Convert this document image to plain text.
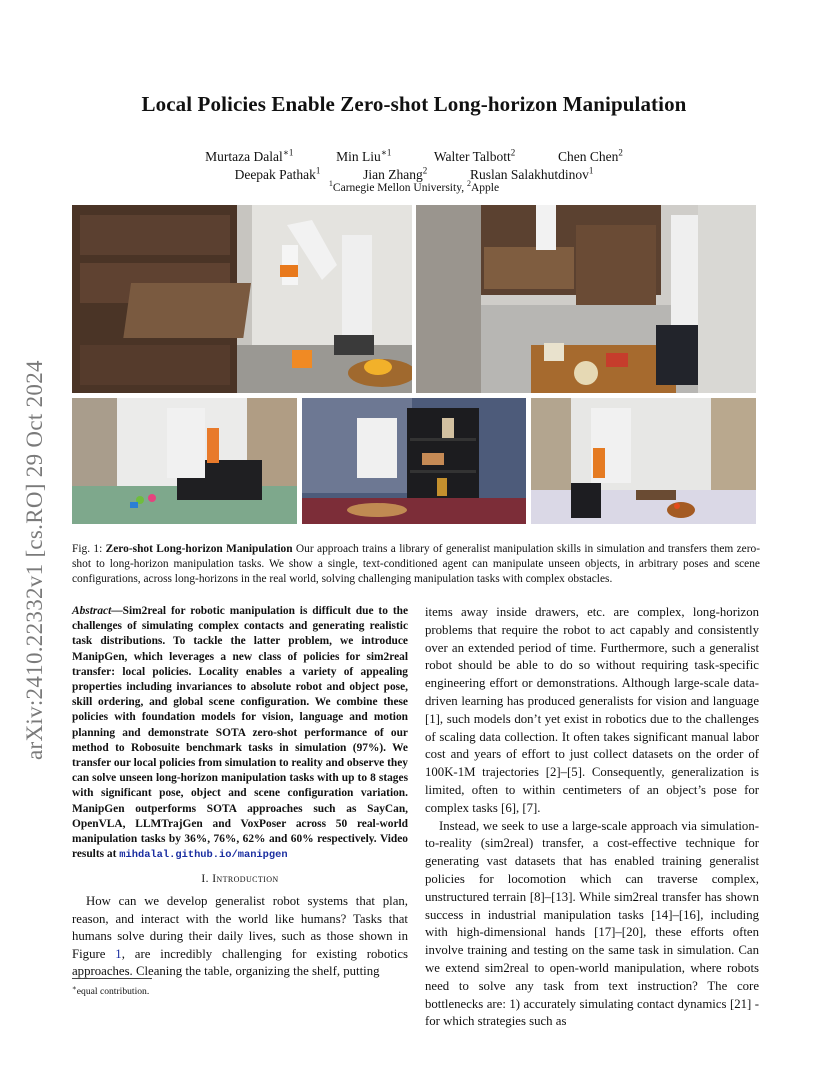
arXiv:2410.22332v1 [cs.RO] 29 Oct 2024
Local Policies Enable Zero-shot Long-horizon Manipulation
Murtaza Dalal$^{∗1}$	Min Liu$^{∗1}$	Walter Talbott$^2$	Chen Chen$^2$
Deepak Pathak$^1$	Jian Zhang$^2$	Ruslan Salakhutdinov$^1$
$^1$Carnegie Mellon University, $^2$Apple
Fig. 1: Zero-shot Long-horizon Manipulation Our approach trains a library of generalist manipulation skills in simulation and transfers them zero-shot to long-horizon manipulation tasks. We show a single, text-conditioned agent can manipulate unseen objects, in arbitrary poses and scene configurations, across long-horizons in the real world, solving challenging manipulation tasks with complex obstacles.
Abstract—Sim2real for robotic manipulation is difficult due to the challenges of simulating complex contacts and generating realistic task distributions. To tackle the latter problem, we introduce ManipGen, which leverages a new class of policies for sim2real transfer: local policies. Locality enables a variety of appealing properties including invariances to absolute robot and object pose, skill ordering, and global scene configuration. We combine these policies with foundation models for vision, language and motion planning and demonstrate SOTA zero-shot performance of our method to Robosuite benchmark tasks in simulation (97%). We transfer our local policies from simulation to reality and observe they can solve unseen long-horizon manipulation tasks with up to 8 stages with significant pose, object and scene configuration variation. ManipGen outperforms SOTA approaches such as SayCan, OpenVLA, LLMTrajGen and VoxPoser across 50 real-world manipulation tasks by 36%, 76%, 62% and 60% respectively. Video results at mihdalal.github.io/manipgen
I. Introduction

How can we develop generalist robot systems that plan, reason, and interact with the world like humans? Tasks that humans solve during their daily lives, such as those shown in Figure 1, are incredibly challenging for existing robotics approaches. Cleaning the table, organizing the shelf, putting

∗equal contribution.

items away inside drawers, etc. are complex, long-horizon problems that require the robot to act capably and consistently over an extended period of time. Furthermore, such a generalist robot should be able to do so without requiring task-specific engineering effort or demonstrations. Although large-scale data-driven learning has produced generalists for vision and language [1], such models don’t yet exist in robotics due to the challenges of scaling data collection. It often takes significant manual labor cost and years of effort to just collect datasets on the order of 100K-1M trajectories [2]–[5]. Consequently, generalization is limited, often to within centimeters of an object’s pose for complex tasks [6], [7].

Instead, we seek to use a large-scale approach via simulation-to-reality (sim2real) transfer, a cost-effective technique for generating vast datasets that has enabled training generalist policies for locomotion which can traverse complex, unstructured terrain [8]–[13]. While sim2real transfer has shown success in industrial manipulation tasks [14]–[16], including with high-dimensional hands [17]–[20], these efforts often involve training and testing on the same task in simulation. Can we extend sim2real to open-world manipulation, where robots need to solve any task from text instruction? The core bottlenecks are: 1) accurately simulating contact dynamics [21] - for which strategies such as
